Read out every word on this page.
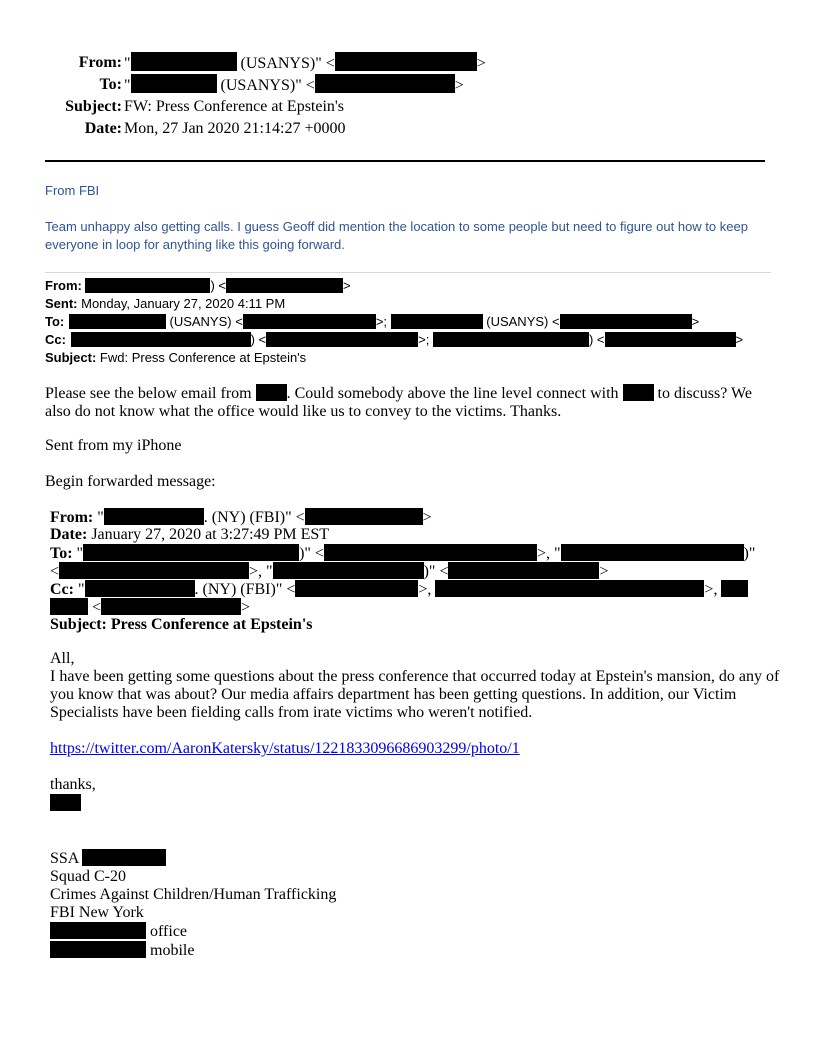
From: "	(USANYS)" <	>
To: "	(USANYS)" <	>
Subject: FW: Press Conference at Epstein's
Date: Mon, 27 Jan 2020 21:14:27 +0000

From FBI

Team unhappy also getting calls. I guess Geoff did mention the location to some people but need to figure out how to keep everyone in loop for anything like this going forward.

From:	) <	>
Sent: Monday, January 27, 2020 4:11 PM
To:	(USANYS) <	>;	(USANYS) <	>
Cc:	) <	>;	) <	>
Subject: Fwd: Press Conference at Epstein's

Please see the below email from . Could somebody above the line level connect with  to discuss? We also do not know what the office would like us to convey to the victims. Thanks.

Sent from my iPhone

Begin forwarded message:

From: "	. (NY) (FBI)" <	>
Date: January 27, 2020 at 3:27:49 PM EST
To: "	)" <	>, "	)"
<	>, "	)" <	>
Cc: "	. (NY) (FBI)" <	>,	>,
<	>
Subject: Press Conference at Epstein's

All,

I have been getting some questions about the press conference that occurred today at Epstein's mansion, do any of you know that was about? Our media affairs department has been getting questions. In addition, our Victim Specialists have been fielding calls from irate victims who weren't notified.

https://twitter.com/AaronKatersky/status/1221833096686903299/photo/1

thanks,

SSA

Squad C-20

Crimes Against Children/Human Trafficking

FBI New York

office

mobile
